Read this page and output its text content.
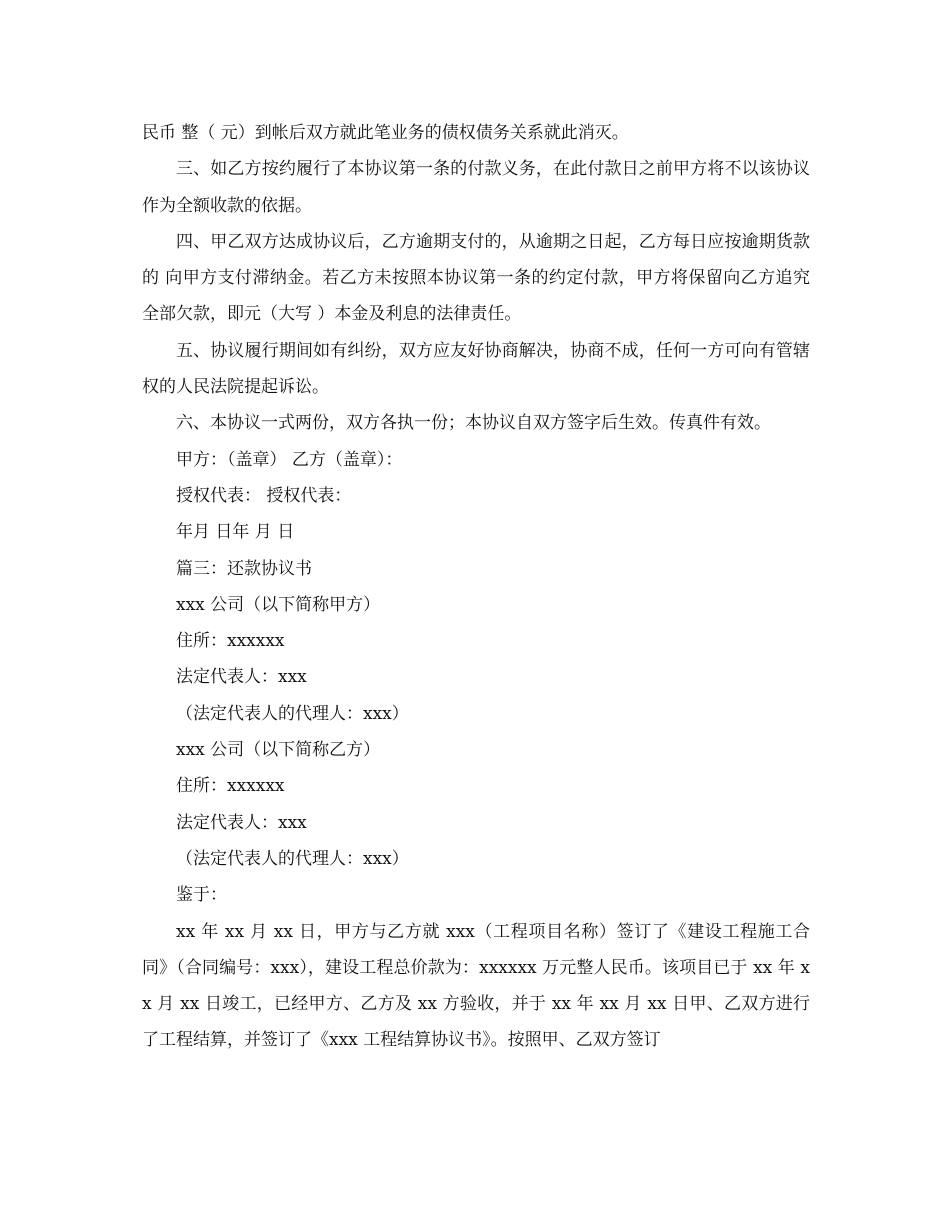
民币 整（ 元）到帐后双方就此笔业务的债权债务关系就此消灭。

三、如乙方按约履行了本协议第一条的付款义务，在此付款日之前甲方将不以该协议作为全额收款的依据。

四、甲乙双方达成协议后，乙方逾期支付的，从逾期之日起，乙方每日应按逾期货款的 向甲方支付滞纳金。若乙方未按照本协议第一条的约定付款，甲方将保留向乙方追究全部欠款，即元（大写 ）本金及利息的法律责任。

五、协议履行期间如有纠纷，双方应友好协商解决，协商不成，任何一方可向有管辖权的人民法院提起诉讼。

六、本协议一式两份，双方各执一份；本协议自双方签字后生效。传真件有效。

甲方：（盖章） 乙方（盖章）：

授权代表： 授权代表：

年月 日年 月 日

篇三：还款协议书

xxx 公司（以下简称甲方）

住所：xxxxxx

法定代表人：xxx

（法定代表人的代理人：xxx）

xxx 公司（以下简称乙方）

住所：xxxxxx

法定代表人：xxx

（法定代表人的代理人：xxx）

鉴于：

xx 年 xx 月 xx 日，甲方与乙方就 xxx（工程项目名称）签订了《建设工程施工合同》（合同编号：xxx），建设工程总价款为：xxxxxx 万元整人民币。该项目已于 xx 年 xx 月 xx 日竣工，已经甲方、乙方及 xx 方验收，并于 xx 年 xx 月 xx 日甲、乙双方进行了工程结算，并签订了《xxx 工程结算协议书》。按照甲、乙双方签订
